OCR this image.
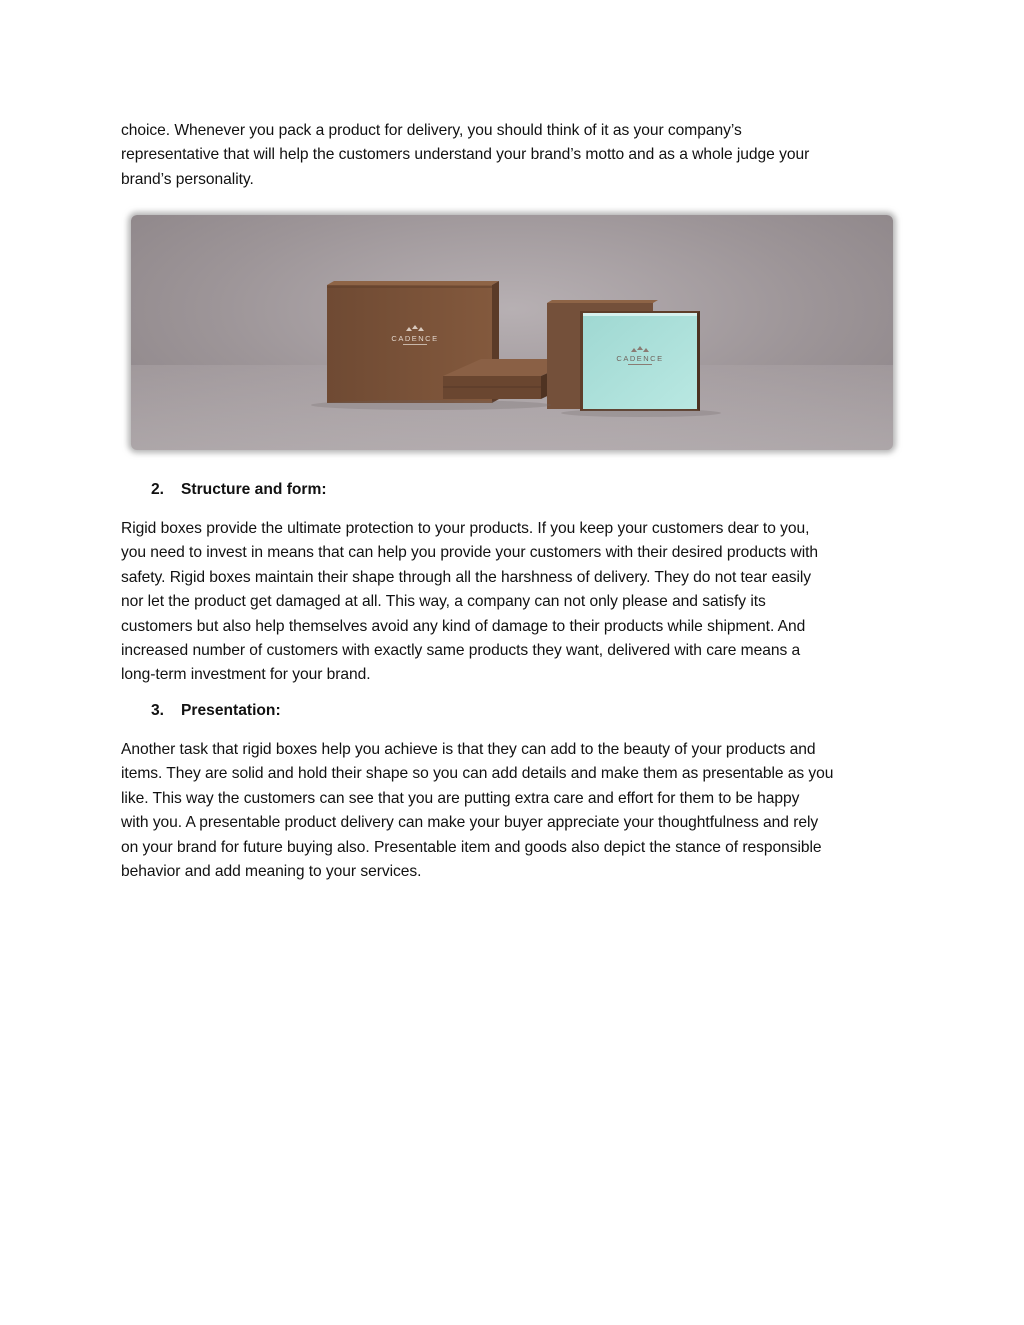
choice. Whenever you pack a product for delivery, you should think of it as your company’s
representative that will help the customers understand your brand’s motto and as a whole judge your
brand’s personality.

CADENCE
CADENCE

2. Structure and form:

Rigid boxes provide the ultimate protection to your products. If you keep your customers dear to you,
you need to invest in means that can help you provide your customers with their desired products with
safety. Rigid boxes maintain their shape through all the harshness of delivery. They do not tear easily
nor let the product get damaged at all. This way, a company can not only please and satisfy its
customers but also help themselves avoid any kind of damage to their products while shipment. And
increased number of customers with exactly same products they want, delivered with care means a
long-term investment for your brand.

3. Presentation:

Another task that rigid boxes help you achieve is that they can add to the beauty of your products and
items. They are solid and hold their shape so you can add details and make them as presentable as you
like. This way the customers can see that you are putting extra care and effort for them to be happy
with you. A presentable product delivery can make your buyer appreciate your thoughtfulness and rely
on your brand for future buying also. Presentable item and goods also depict the stance of responsible
behavior and add meaning to your services.
